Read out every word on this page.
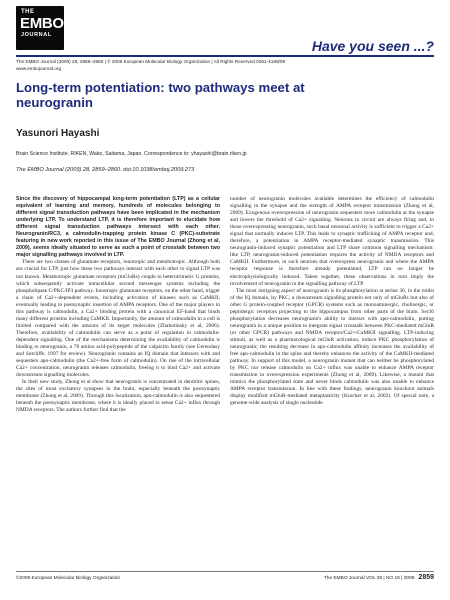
THE
EMBO
JOURNAL
Have you seen ...?
The EMBO Journal (2009) 28, 2859–2860 | © 2009 European Molecular Biology Organization | All Rights Reserved 0261-4189/09
www.embojournal.org
Long-term potentiation: two pathways meet at neurogranin
Yasunori Hayashi
Brain Science Institute, RIKEN, Wako, Saitama, Japan. Correspondence to: yhayashi@brain.riken.jp
The EMBO Journal (2009) 28, 2859–2860. doi:10.1038/emboj.2009.273

Since the discovery of hippocampal long-term potentiation (LTP) as a cellular equivalent of learning and memory, hundreds of molecules belonging to different signal transduction pathways have been implicated in the mechanism underlying LTP. To understand LTP, it is therefore important to elucidate how different signal transduction pathways intersect with each other. Neurogranin/RC3, a calmodulin-trapping protein kinase C (PKC)-substrate featuring in new work reported in this issue of The EMBO Journal (Zhong et al, 2009), seems ideally situated to serve as such a point of crosstalk between two major signalling pathways involved in LTP.

There are two classes of glutamate receptors, ionotropic and metabotropic. Although both are crucial for LTP, just how these two pathways interact with each other to signal LTP was not known. Metabotropic glutamate receptors (mGluRs) couple to heterotrimeric G proteins, which subsequently activate intracellular second messenger systems including the phospholipase C/PKC/IP3 pathway. Ionotropic glutamate receptors, on the other hand, trigger a chain of Ca2+-dependent events, including activation of kinases such as CaMKII, eventually leading to postsynaptic insertion of AMPA receptors. One of the major players in this pathway is calmodulin, a Ca2+ binding protein with a canonical EF-hand that binds many different proteins including CaMKII. Importantly, the amount of calmodulin in a cell is limited compared with the amount of its target molecules (Zhabotinsky et al, 2006). Therefore, availability of calmodulin can serve as a point of regulation in calmodulin-dependent signalling. One of the mechanisms determining the availability of calmodulin is binding to neurogranin, a 78 amino acid-polypeptide of the calpactin family (see Gerendasy and Sutcliffe, 1997 for review). Neurogranin contains an IQ domain that interacts with and sequesters apo-calmodulin (the Ca2+-free form of calmodulin). On rise of the intracellular Ca2+ concentration, neurogranin releases calmodulin, freeing it to bind Ca2+ and activate downstream signalling molecules.

In their new study, Zhong et al show that neurogranin is concentrated in dendritic spines, the sites of most excitatory synapses in the brain, especially beneath the postsynaptic membrane (Zhong et al, 2009). Through this localization, apo-calmodulin is also sequestered beneath the postsynaptic membrane, where it is ideally placed to sense Ca2+ influx through NMDA receptors. The authors further find that the

number of neurogranin molecules available determines the efficiency of calmodulin signalling in the synapse and the strength of AMPA receptor transmission (Zhong et al, 2009). Exogenous overexpression of neurogranin sequesters more calmodulin at the synapse and lowers the threshold of Ca2+ signalling. Neurons in circuit are always firing and, in those overexpressing neurogranin, such basal neuronal activity is sufficient to trigger a Ca2+ signal that normally induces LTP. This leads to synaptic trafficking of AMPA receptor and, therefore, a potentiation in AMPA receptor-mediated synaptic transmission. This neurogranin-induced synaptic potentiation and LTP share common signalling mechanism: like LTP, neurogranin-induced potentiation requires the activity of NMDA receptors and CaMKII. Furthermore, in such neurons that overexpress neurogranin and where the AMPA receptor response is therefore already potentiated, LTP can no longer be electrophysiologically induced. Taken together, these observations in turn imply the involvement of neurogranin in the signalling pathway of LTP.

The most intriguing aspect of neurogranin is its phosphorylation at serine 36, in the midst of the IQ domain, by PKC, a downstream signalling protein not only of mGluRs but also of other G protein-coupled receptor (GPCR) systems such as monoaminergic, cholinergic, or peptidergic receptors projecting to the hippocampus from other parts of the brain. Ser36 phosphorylation decreases neurogranin's ability to interact with apo-calmodulin, putting neurogranin in a unique position to integrate signal crosstalk between PKC-mediated mGluR (or other GPCR) pathways and NMDA receptor/Ca2+/CaMKII signalling. LTP-inducing stimuli, as well as a pharmacological mGluR activation, induce PKC phosphorylation of neurogranin; the resulting decrease in apo-calmodulin affinity increases the availability of free apo-calmodulin in the spine and thereby enhances the activity of the CaMKII-mediated pathway. In support of this model, a neurogranin mutant that can neither be phosphorylated by PKC nor release calmodulin on Ca2+ influx was unable to enhance AMPA receptor transmission in overexpression experiments (Zhong et al, 2009). Likewise, a mutant that mimics the phosphorylated state and never binds calmodulin was also unable to enhance AMPA receptor transmission. In line with these findings, neurogranin knockout animals display modified mGluR-mediated metaplasticity (Krucker et al, 2002). Of special note, a genome-wide analysis of single nucleotide

©2009 European Molecular Biology Organization	The EMBO Journal VOL 28 | NO 19 | 2009 2859
